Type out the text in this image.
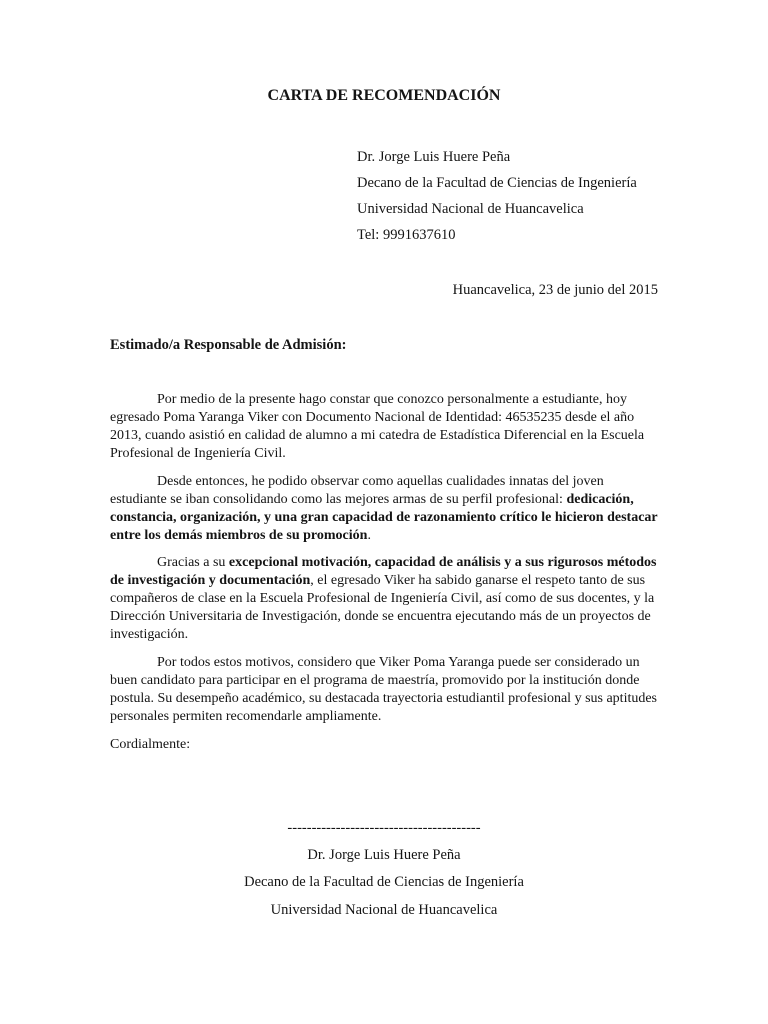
CARTA DE RECOMENDACIÓN

Dr. Jorge Luis Huere Peña

Decano de la Facultad de Ciencias de Ingeniería

Universidad Nacional de Huancavelica

Tel: 9991637610

Huancavelica, 23 de junio del 2015

Estimado/a Responsable de Admisión:

Por medio de la presente hago constar que conozco personalmente a estudiante, hoy egresado Poma Yaranga Viker con Documento Nacional de Identidad: 46535235 desde el año 2013, cuando asistió en calidad de alumno a mi catedra de Estadística Diferencial en la Escuela Profesional de Ingeniería Civil.

Desde entonces, he podido observar como aquellas cualidades innatas del joven estudiante se iban consolidando como las mejores armas de su perfil profesional: dedicación, constancia, organización, y una gran capacidad de razonamiento crítico le hicieron destacar entre los demás miembros de su promoción.

Gracias a su excepcional motivación, capacidad de análisis y a sus rigurosos métodos de investigación y documentación, el egresado Viker ha sabido ganarse el respeto tanto de sus compañeros de clase en la Escuela Profesional de Ingeniería Civil, así como de sus docentes, y la Dirección Universitaria de Investigación, donde se encuentra ejecutando más de un proyectos de investigación.

Por todos estos motivos, considero que Viker Poma Yaranga puede ser considerado un buen candidato para participar en el programa de maestría, promovido por la institución donde postula. Su desempeño académico, su destacada trayectoria estudiantil profesional y sus aptitudes personales permiten recomendarle ampliamente.

Cordialmente:

----------------------------------------

Dr. Jorge Luis Huere Peña

Decano de la Facultad de Ciencias de Ingeniería

Universidad Nacional de Huancavelica
